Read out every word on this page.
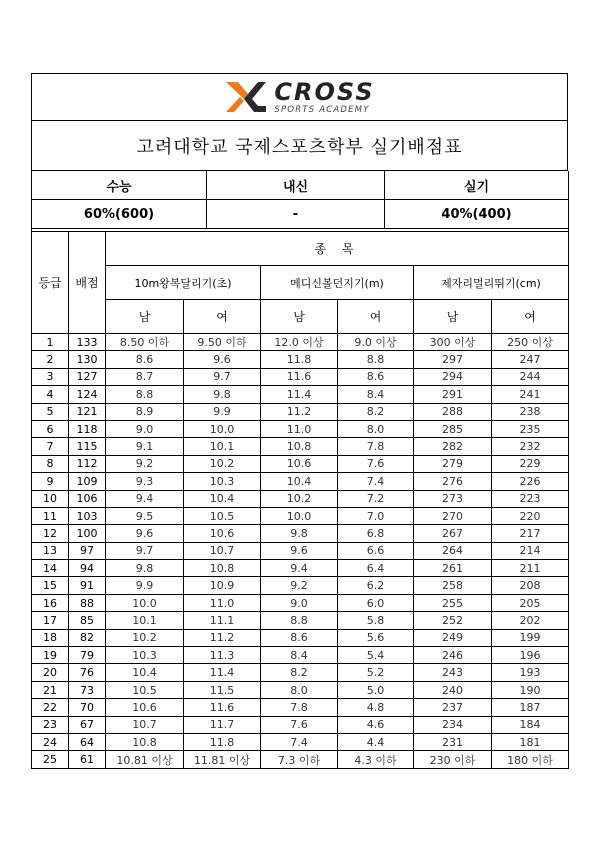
CROSS
SPORTS ACADEMY
고려대학교 국제스포츠학부 실기배점표
수능	내신	실기
60%(600)	-	40%(400)

등급	배점	종 목					
		10m왕복달리기(초)		메디신볼던지기(m)		제자리멀리뛰기(cm)	
		남	여	남	여	남	여
1	133	8.50 이하	9.50 이하	12.0 이상	9.0 이상	300 이상	250 이상
2	130	8.6	9.6	11.8	8.8	297	247
3	127	8.7	9.7	11.6	8.6	294	244
4	124	8.8	9.8	11.4	8.4	291	241
5	121	8.9	9.9	11.2	8.2	288	238
6	118	9.0	10.0	11.0	8.0	285	235
7	115	9.1	10.1	10.8	7.8	282	232
8	112	9.2	10.2	10.6	7.6	279	229
9	109	9.3	10.3	10.4	7.4	276	226
10	106	9.4	10.4	10.2	7.2	273	223
11	103	9.5	10.5	10.0	7.0	270	220
12	100	9.6	10.6	9.8	6.8	267	217
13	97	9.7	10.7	9.6	6.6	264	214
14	94	9.8	10.8	9.4	6.4	261	211
15	91	9.9	10.9	9.2	6.2	258	208
16	88	10.0	11.0	9.0	6.0	255	205
17	85	10.1	11.1	8.8	5.8	252	202
18	82	10.2	11.2	8.6	5.6	249	199
19	79	10.3	11.3	8.4	5.4	246	196
20	76	10.4	11.4	8.2	5.2	243	193
21	73	10.5	11.5	8.0	5.0	240	190
22	70	10.6	11.6	7.8	4.8	237	187
23	67	10.7	11.7	7.6	4.6	234	184
24	64	10.8	11.8	7.4	4.4	231	181
25	61	10.81 이상	11.81 이상	7.3 이하	4.3 이하	230 이하	180 이하
